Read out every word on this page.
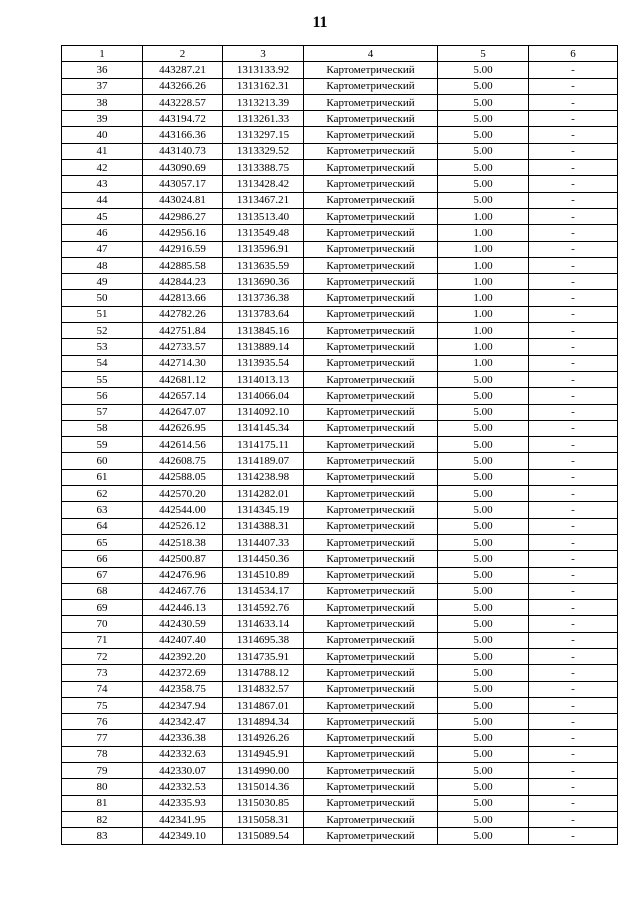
11
1	2	3	4	5	6
36	443287.21	1313133.92	Картометрический	5.00	-
37	443266.26	1313162.31	Картометрический	5.00	-
38	443228.57	1313213.39	Картометрический	5.00	-
39	443194.72	1313261.33	Картометрический	5.00	-
40	443166.36	1313297.15	Картометрический	5.00	-
41	443140.73	1313329.52	Картометрический	5.00	-
42	443090.69	1313388.75	Картометрический	5.00	-
43	443057.17	1313428.42	Картометрический	5.00	-
44	443024.81	1313467.21	Картометрический	5.00	-
45	442986.27	1313513.40	Картометрический	1.00	-
46	442956.16	1313549.48	Картометрический	1.00	-
47	442916.59	1313596.91	Картометрический	1.00	-
48	442885.58	1313635.59	Картометрический	1.00	-
49	442844.23	1313690.36	Картометрический	1.00	-
50	442813.66	1313736.38	Картометрический	1.00	-
51	442782.26	1313783.64	Картометрический	1.00	-
52	442751.84	1313845.16	Картометрический	1.00	-
53	442733.57	1313889.14	Картометрический	1.00	-
54	442714.30	1313935.54	Картометрический	1.00	-
55	442681.12	1314013.13	Картометрический	5.00	-
56	442657.14	1314066.04	Картометрический	5.00	-
57	442647.07	1314092.10	Картометрический	5.00	-
58	442626.95	1314145.34	Картометрический	5.00	-
59	442614.56	1314175.11	Картометрический	5.00	-
60	442608.75	1314189.07	Картометрический	5.00	-
61	442588.05	1314238.98	Картометрический	5.00	-
62	442570.20	1314282.01	Картометрический	5.00	-
63	442544.00	1314345.19	Картометрический	5.00	-
64	442526.12	1314388.31	Картометрический	5.00	-
65	442518.38	1314407.33	Картометрический	5.00	-
66	442500.87	1314450.36	Картометрический	5.00	-
67	442476.96	1314510.89	Картометрический	5.00	-
68	442467.76	1314534.17	Картометрический	5.00	-
69	442446.13	1314592.76	Картометрический	5.00	-
70	442430.59	1314633.14	Картометрический	5.00	-
71	442407.40	1314695.38	Картометрический	5.00	-
72	442392.20	1314735.91	Картометрический	5.00	-
73	442372.69	1314788.12	Картометрический	5.00	-
74	442358.75	1314832.57	Картометрический	5.00	-
75	442347.94	1314867.01	Картометрический	5.00	-
76	442342.47	1314894.34	Картометрический	5.00	-
77	442336.38	1314926.26	Картометрический	5.00	-
78	442332.63	1314945.91	Картометрический	5.00	-
79	442330.07	1314990.00	Картометрический	5.00	-
80	442332.53	1315014.36	Картометрический	5.00	-
81	442335.93	1315030.85	Картометрический	5.00	-
82	442341.95	1315058.31	Картометрический	5.00	-
83	442349.10	1315089.54	Картометрический	5.00	-
